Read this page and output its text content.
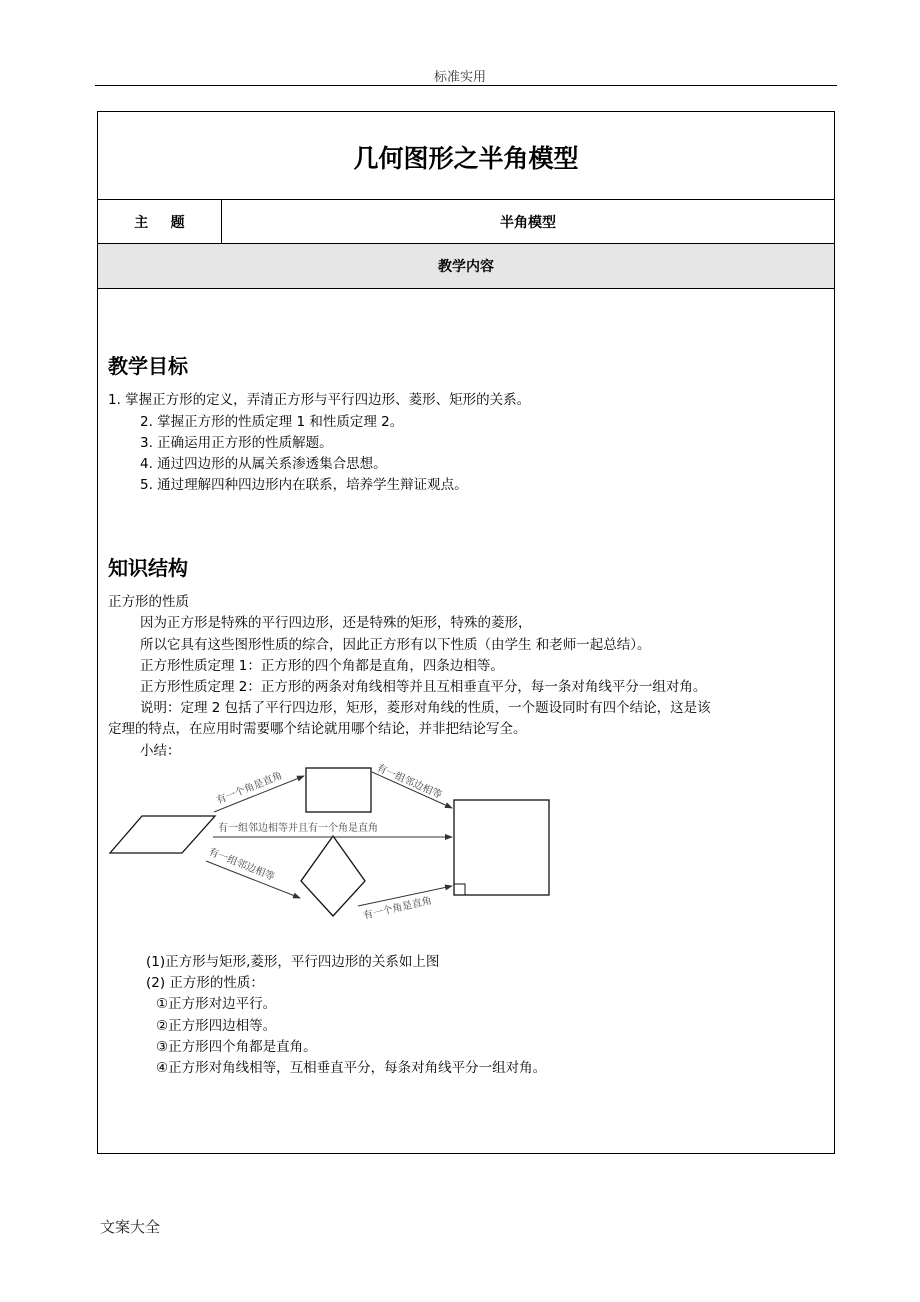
标准实用
几何图形之半角模型
主题	半角模型
教学内容
教学目标
1. 掌握正方形的定义，弄清正方形与平行四边形、菱形、矩形的关系。
2. 掌握正方形的性质定理 1 和性质定理 2。
3. 正确运用正方形的性质解题。
4. 通过四边形的从属关系渗透集合思想。
5. 通过理解四种四边形内在联系，培养学生辩证观点。
知识结构
正方形的性质
因为正方形是特殊的平行四边形，还是特殊的矩形，特殊的菱形，
所以它具有这些图形性质的综合，因此正方形有以下性质（由学生 和老师一起总结）。
正方形性质定理 1：正方形的四个角都是直角，四条边相等。
正方形性质定理 2：正方形的两条对角线相等并且互相垂直平分，每一条对角线平分一组对角。
说明：定理 2 包括了平行四边形，矩形，菱形对角线的性质，一个题设同时有四个结论，这是该
定理的特点，在应用时需要哪个结论就用哪个结论，并非把结论写全。
小结：
有一个角是直角	有一组邻边相等
有一组邻边相等并且有一个角是直角
有一组邻边相等
有一个角是直角
(1)正方形与矩形,菱形，平行四边形的关系如上图
(2) 正方形的性质：
①正方形对边平行。
②正方形四边相等。
③正方形四个角都是直角。
④正方形对角线相等，互相垂直平分，每条对角线平分一组对角。
文案大全
